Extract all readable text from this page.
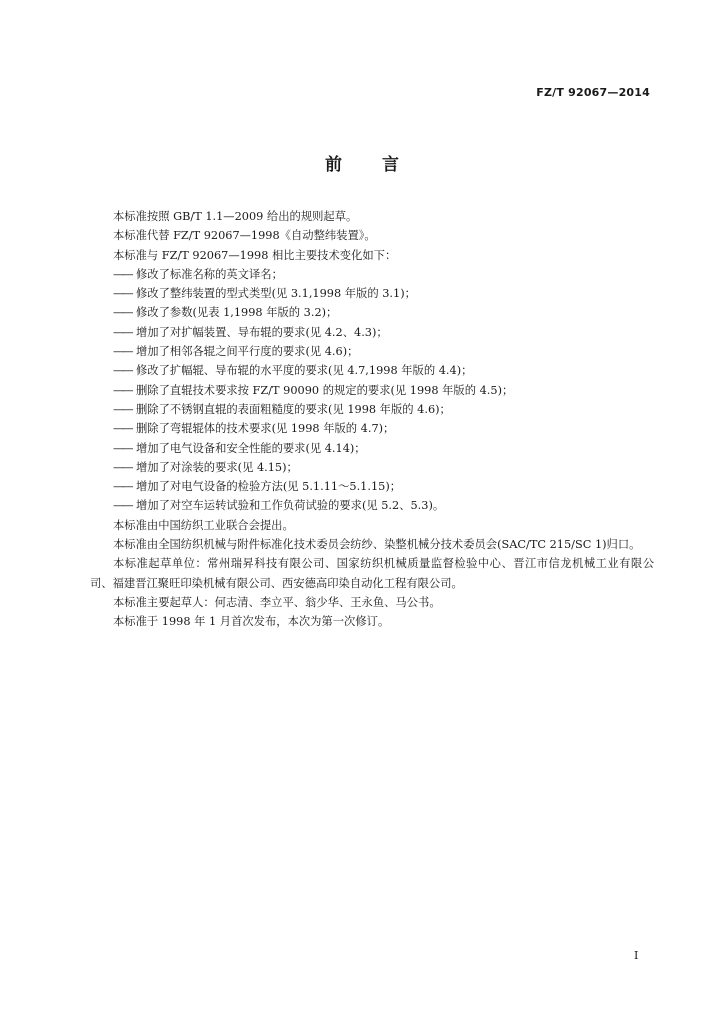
FZ/T 92067—2014
前言

本标准按照 GB/T 1.1—2009 给出的规则起草。

本标准代替 FZ/T 92067—1998《自动整纬装置》。

本标准与 FZ/T 92067—1998 相比主要技术变化如下：

—— 修改了标准名称的英文译名；

—— 修改了整纬装置的型式类型(见 3.1,1998 年版的 3.1)；

—— 修改了参数(见表 1,1998 年版的 3.2)；

—— 增加了对扩幅装置、导布辊的要求(见 4.2、4.3)；

—— 增加了相邻各辊之间平行度的要求(见 4.6)；

—— 修改了扩幅辊、导布辊的水平度的要求(见 4.7,1998 年版的 4.4)；

—— 删除了直辊技术要求按 FZ/T 90090 的规定的要求(见 1998 年版的 4.5)；

—— 删除了不锈钢直辊的表面粗糙度的要求(见 1998 年版的 4.6)；

—— 删除了弯辊辊体的技术要求(见 1998 年版的 4.7)；

—— 增加了电气设备和安全性能的要求(见 4.14)；

—— 增加了对涂装的要求(见 4.15)；

—— 增加了对电气设备的检验方法(见 5.1.11～5.1.15)；

—— 增加了对空车运转试验和工作负荷试验的要求(见 5.2、5.3)。

本标准由中国纺织工业联合会提出。

本标准由全国纺织机械与附件标准化技术委员会纺纱、染整机械分技术委员会(SAC/TC 215/SC 1)归口。

本标准起草单位：常州瑞昇科技有限公司、国家纺织机械质量监督检验中心、晋江市信龙机械工业有限公司、福建晋江聚旺印染机械有限公司、西安德高印染自动化工程有限公司。

本标准主要起草人：何志清、李立平、翁少华、王永鱼、马公书。

本标准于 1998 年 1 月首次发布，本次为第一次修订。

I
